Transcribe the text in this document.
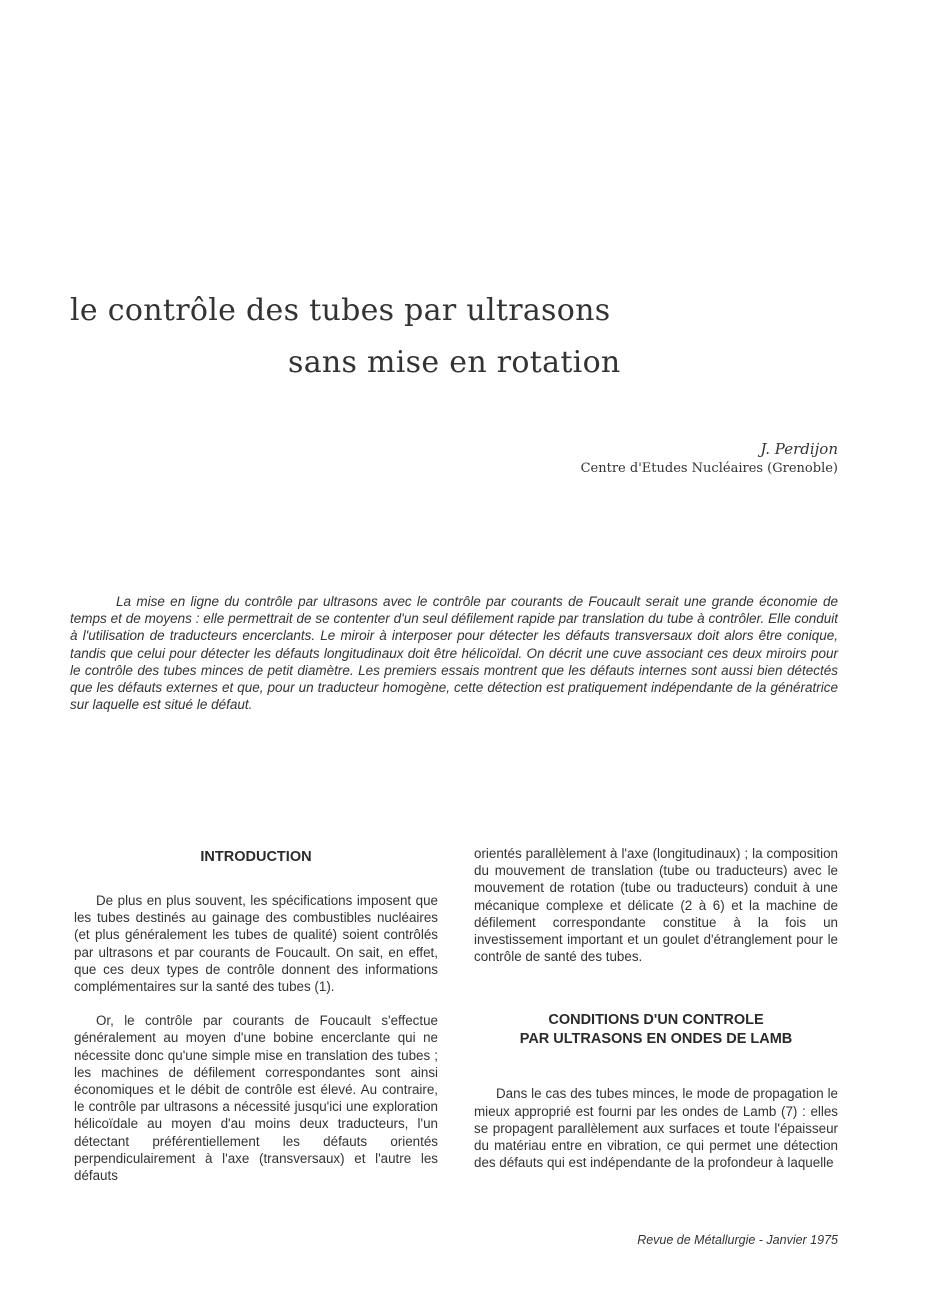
le contrôle des tubes par ultrasons
sans mise en rotation
J. Perdijon
Centre d'Etudes Nucléaires (Grenoble)

La mise en ligne du contrôle par ultrasons avec le contrôle par courants de Foucault serait une grande économie de temps et de moyens : elle permettrait de se contenter d'un seul défilement rapide par translation du tube à contrôler. Elle conduit à l'utilisation de traducteurs encerclants. Le miroir à interposer pour détecter les défauts transversaux doit alors être conique, tandis que celui pour détecter les défauts longitudinaux doit être hélicoïdal. On décrit une cuve associant ces deux miroirs pour le contrôle des tubes minces de petit diamètre. Les premiers essais montrent que les défauts internes sont aussi bien détectés que les défauts externes et que, pour un traducteur homogène, cette détection est pratiquement indépendante de la génératrice sur laquelle est situé le défaut.

INTRODUCTION

De plus en plus souvent, les spécifications imposent que les tubes destinés au gainage des combustibles nucléaires (et plus généralement les tubes de qualité) soient contrôlés par ultrasons et par courants de Foucault. On sait, en effet, que ces deux types de contrôle donnent des informations complémentaires sur la santé des tubes (1).

Or, le contrôle par courants de Foucault s'effectue généralement au moyen d'une bobine encerclante qui ne nécessite donc qu'une simple mise en translation des tubes ; les machines de défilement correspondantes sont ainsi économiques et le débit de contrôle est élevé. Au contraire, le contrôle par ultrasons a nécessité jusqu'ici une exploration hélicoïdale au moyen d'au moins deux traducteurs, l'un détectant préférentiellement les défauts orientés perpendiculairement à l'axe (transversaux) et l'autre les défauts

orientés parallèlement à l'axe (longitudinaux) ; la composition du mouvement de translation (tube ou traducteurs) avec le mouvement de rotation (tube ou traducteurs) conduit à une mécanique complexe et délicate (2 à 6) et la machine de défilement correspondante constitue à la fois un investissement important et un goulet d'étranglement pour le contrôle de santé des tubes.

CONDITIONS D'UN CONTROLE
PAR ULTRASONS EN ONDES DE LAMB

Dans le cas des tubes minces, le mode de propagation le mieux approprié est fourni par les ondes de Lamb (7) : elles se propagent parallèlement aux surfaces et toute l'épaisseur du matériau entre en vibration, ce qui permet une détection des défauts qui est indépendante de la profondeur à laquelle

Revue de Métallurgie - Janvier 1975
